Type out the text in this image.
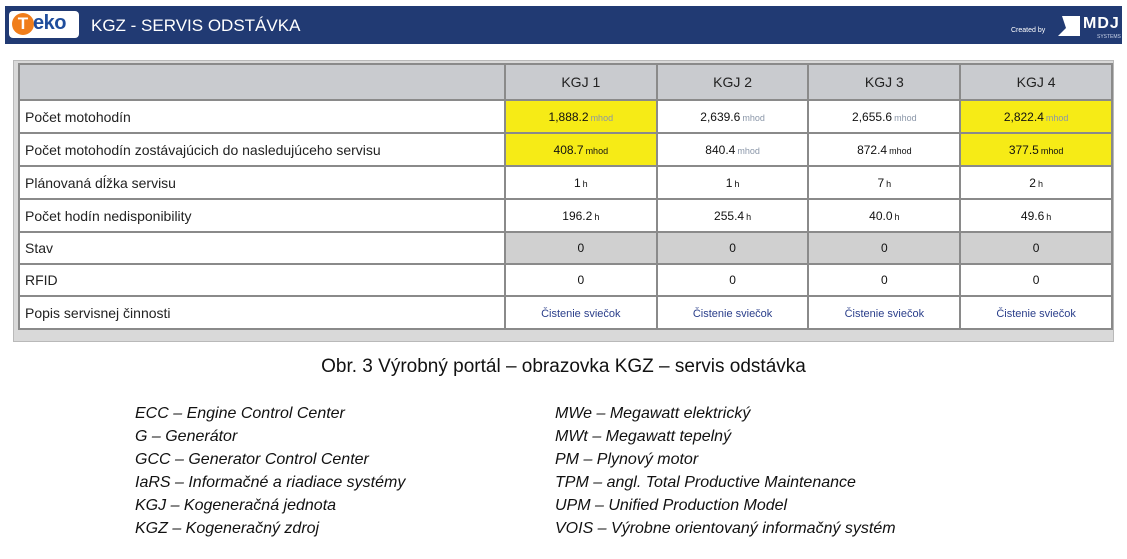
T eko KGZ - SERVIS ODSTÁVKA	Created by MDJ
SYSTEMS
	KGJ 1	KGJ 2	KGJ 3	KGJ 4
Počet motohodín	1,888.2 mhod	2,639.6 mhod	2,655.6 mhod	2,822.4 mhod
Počet motohodín zostávajúcich do nasledujúceho servisu	408.7 mhod	840.4 mhod	872.4 mhod	377.5 mhod
Plánovaná dĺžka servisu	1 h	1 h	7 h	2 h
Počet hodín nedisponibility	196.2 h	255.4 h	40.0 h	49.6 h
Stav	0	0	0	0
RFID	0	0	0	0
Popis servisnej činnosti	Čistenie sviečok	Čistenie sviečok	Čistenie sviečok	Čistenie sviečok
Obr. 3 Výrobný portál – obrazovka KGZ – servis odstávka
ECC – Engine Control Center
G – Generátor
GCC – Generator Control Center
IaRS – Informačné a riadiace systémy
KGJ – Kogeneračná jednota
KGZ – Kogeneračný zdroj
MWe – Megawatt elektrický
MWt – Megawatt tepelný
PM – Plynový motor
TPM – angl. Total Productive Maintenance
UPM – Unified Production Model
VOIS – Výrobne orientovaný informačný systém
